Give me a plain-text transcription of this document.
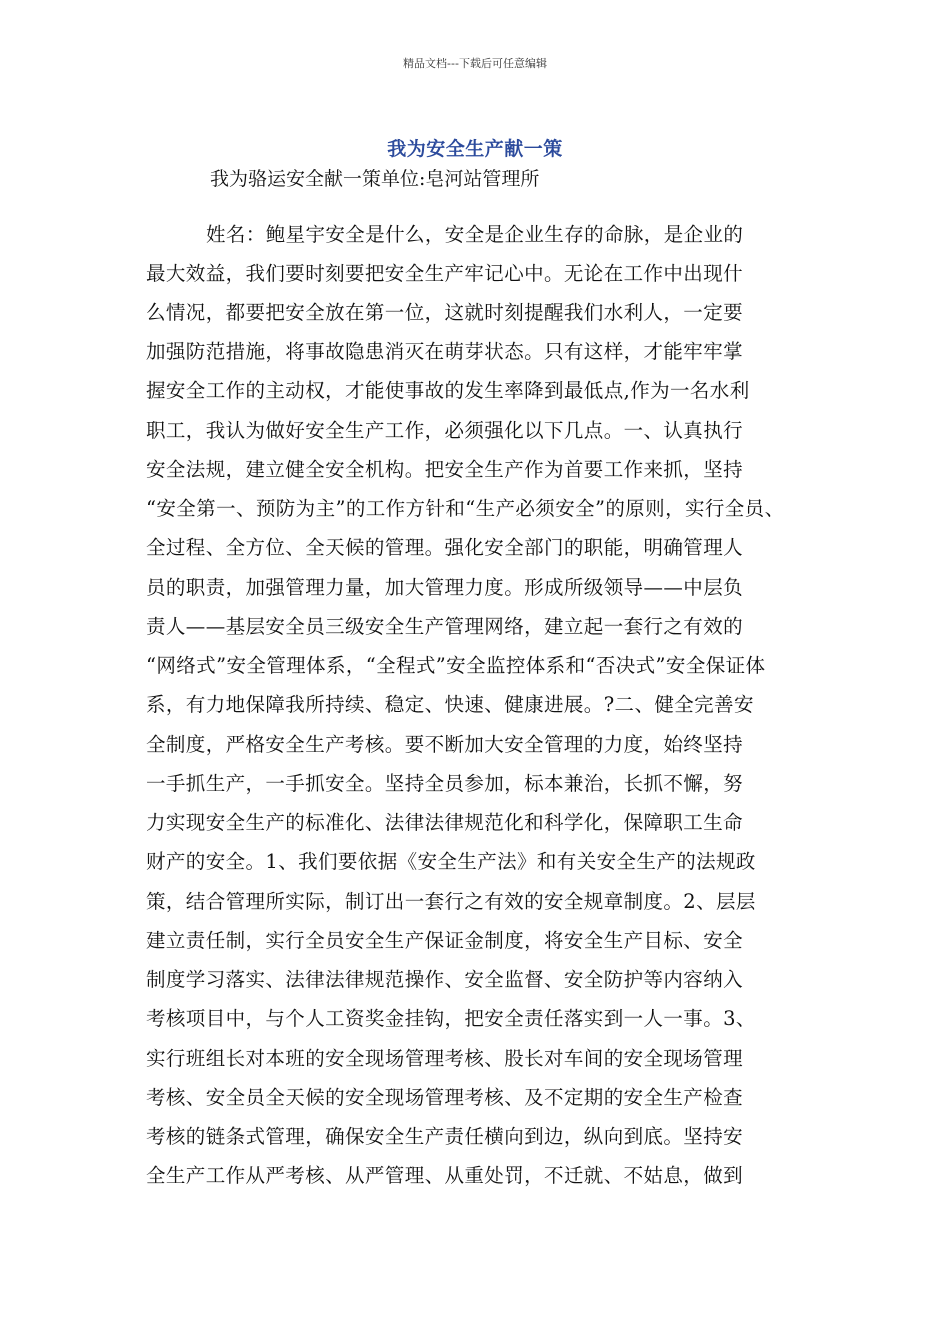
精品文档---下载后可任意编辑
我为安全生产献一策
我为骆运安全献一策单位:皂河站管理所
姓名：鲍星宇安全是什么，安全是企业生存的命脉，是企业的
最大效益，我们要时刻要把安全生产牢记心中。无论在工作中出现什
么情况，都要把安全放在第一位，这就时刻提醒我们水利人，一定要
加强防范措施，将事故隐患消灭在萌芽状态。只有这样，才能牢牢掌
握安全工作的主动权，才能使事故的发生率降到最低点,作为一名水利
职工，我认为做好安全生产工作，必须强化以下几点。一、认真执行
安全法规，建立健全安全机构。把安全生产作为首要工作来抓，坚持
“安全第一、预防为主”的工作方针和“生产必须安全”的原则，实行全员、
全过程、全方位、全天候的管理。强化安全部门的职能，明确管理人
员的职责，加强管理力量，加大管理力度。形成所级领导——中层负
责人——基层安全员三级安全生产管理网络，建立起一套行之有效的
“网络式”安全管理体系，“全程式”安全监控体系和“否决式”安全保证体
系，有力地保障我所持续、稳定、快速、健康进展。?二、健全完善安
全制度，严格安全生产考核。要不断加大安全管理的力度，始终坚持
一手抓生产，一手抓安全。坚持全员参加，标本兼治，长抓不懈，努
力实现安全生产的标准化、法律法律规范化和科学化，保障职工生命
财产的安全。1、我们要依据《安全生产法》和有关安全生产的法规政
策，结合管理所实际，制订出一套行之有效的安全规章制度。2、层层
建立责任制，实行全员安全生产保证金制度，将安全生产目标、安全
制度学习落实、法律法律规范操作、安全监督、安全防护等内容纳入
考核项目中，与个人工资奖金挂钩，把安全责任落实到一人一事。3、
实行班组长对本班的安全现场管理考核、股长对车间的安全现场管理
考核、安全员全天候的安全现场管理考核、及不定期的安全生产检查
考核的链条式管理，确保安全生产责任横向到边，纵向到底。坚持安
全生产工作从严考核、从严管理、从重处罚，不迁就、不姑息，做到
